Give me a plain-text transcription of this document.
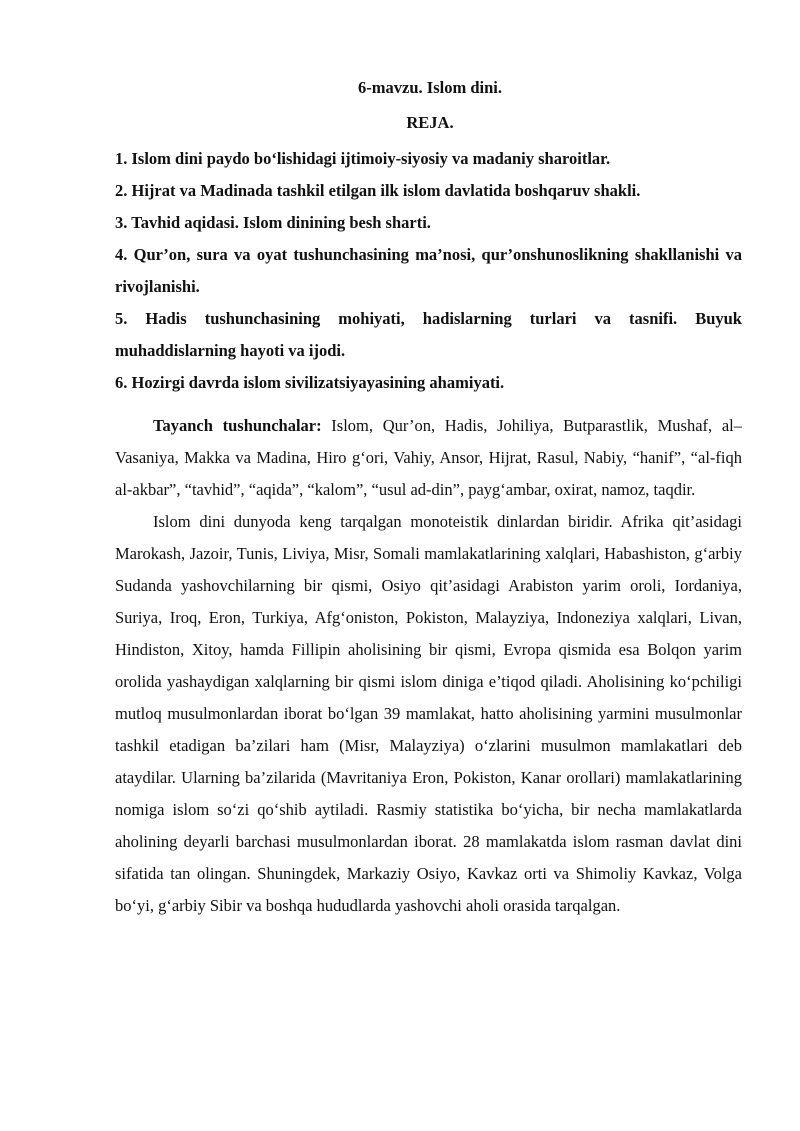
6-mavzu. Islom dini.
REJA.
1. Islom dini paydo bo‘lishidagi ijtimoiy-siyosiy va madaniy sharoitlar.
2. Hijrat va Madinada tashkil etilgan ilk islom davlatida boshqaruv shakli.
3. Tavhid aqidasi. Islom dinining besh sharti.
4. Qur’on, sura va oyat tushunchasining ma’nosi, qur’onshunoslikning shakllanishi va rivojlanishi.
5. Hadis tushunchasining mohiyati, hadislarning turlari va tasnifi. Buyuk muhaddislarning hayoti va ijodi.
6. Hozirgi davrda islom sivilizatsiyayasining ahamiyati.

Tayanch tushunchalar: Islom, Qur’on, Hadis, Johiliya, Butparastlik, Mushaf, al–Vasaniya, Makka va Madina, Hiro g‘ori, Vahiy, Ansor, Hijrat, Rasul, Nabiy, “hanif”, “al-fiqh al-akbar”, “tavhid”, “aqida”, “kalom”, “usul ad-din”, payg‘ambar, oxirat, namoz, taqdir.

Islom dini dunyoda keng tarqalgan monoteistik dinlardan biridir. Afrika qit’asidagi Marokash, Jazoir, Tunis, Liviya, Misr, Somali mamlakatlarining xalqlari, Habashiston, g‘arbiy Sudanda yashovchilarning bir qismi, Osiyo qit’asidagi Arabiston yarim oroli, Iordaniya, Suriya, Iroq, Eron, Turkiya, Afg‘oniston, Pokiston, Malayziya, Indoneziya xalqlari, Livan, Hindiston, Xitoy, hamda Fillipin aholisining bir qismi, Evropa qismida esa Bolqon yarim orolida yashaydigan xalqlarning bir qismi islom diniga e’tiqod qiladi. Aholisining ko‘pchiligi mutloq musulmonlardan iborat bo‘lgan 39 mamlakat, hatto aholisining yarmini musulmonlar tashkil etadigan ba’zilari ham (Misr, Malayziya) o‘zlarini musulmon mamlakatlari deb ataydilar. Ularning ba’zilarida (Mavritaniya Eron, Pokiston, Kanar orollari) mamlakatlarining nomiga islom so‘zi qo‘shib aytiladi. Rasmiy statistika bo‘yicha, bir necha mamlakatlarda aholining deyarli barchasi musulmonlardan iborat. 28 mamlakatda islom rasman davlat dini sifatida tan olingan. Shuningdek, Markaziy Osiyo, Kavkaz orti va Shimoliy Kavkaz, Volga bo‘yi, g‘arbiy Sibir va boshqa hududlarda yashovchi aholi orasida tarqalgan.
